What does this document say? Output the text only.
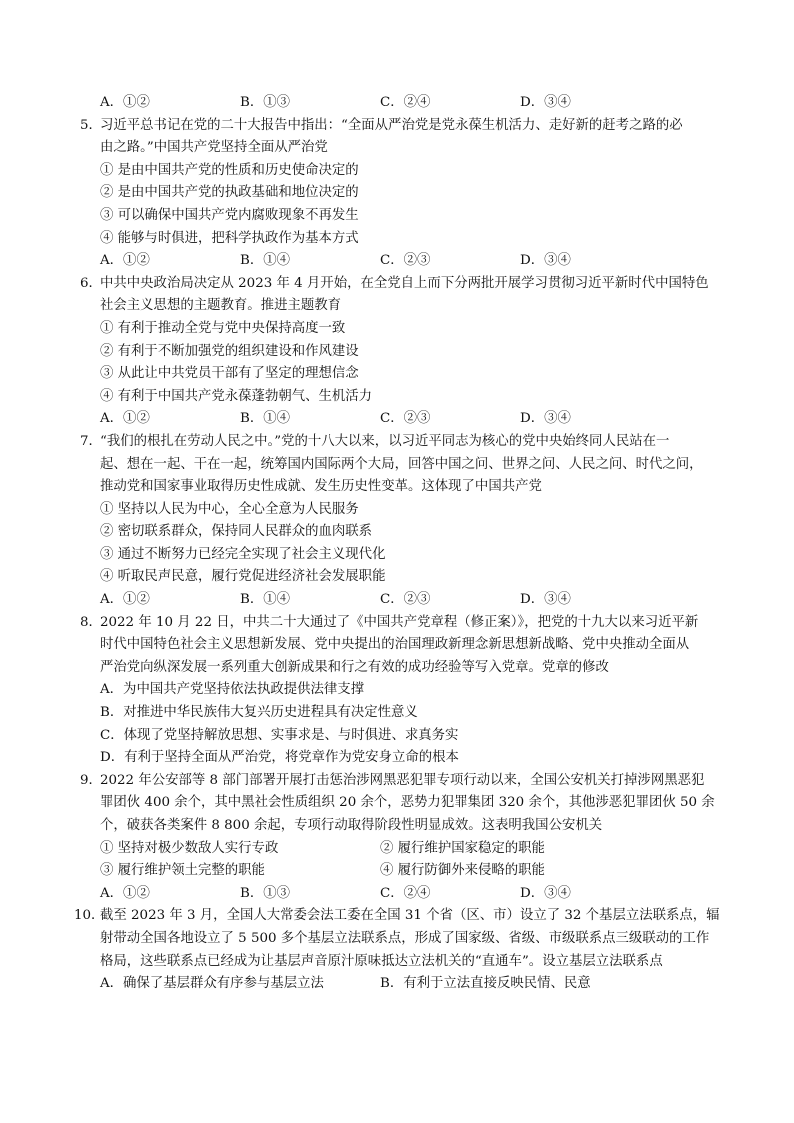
A．①②	B．①③	C．②④	D．③④
5．习近平总书记在党的二十大报告中指出：“全面从严治党是党永葆生机活力、走好新的赶考之路的必
由之路。”中国共产党坚持全面从严治党
① 是由中国共产党的性质和历史使命决定的
② 是由中国共产党的执政基础和地位决定的
③ 可以确保中国共产党内腐败现象不再发生
④ 能够与时俱进，把科学执政作为基本方式
A．①②	B．①④	C．②③	D．③④
6．中共中央政治局决定从 2023 年 4 月开始，在全党自上而下分两批开展学习贯彻习近平新时代中国特色
社会主义思想的主题教育。推进主题教育
① 有利于推动全党与党中央保持高度一致
② 有利于不断加强党的组织建设和作风建设
③ 从此让中共党员干部有了坚定的理想信念
④ 有利于中国共产党永葆蓬勃朝气、生机活力
A．①②	B．①④	C．②③	D．③④
7．“我们的根扎在劳动人民之中。”党的十八大以来，以习近平同志为核心的党中央始终同人民站在一
起、想在一起、干在一起，统筹国内国际两个大局，回答中国之问、世界之问、人民之问、时代之问，
推动党和国家事业取得历史性成就、发生历史性变革。这体现了中国共产党
① 坚持以人民为中心，全心全意为人民服务
② 密切联系群众，保持同人民群众的血肉联系
③ 通过不断努力已经完全实现了社会主义现代化
④ 听取民声民意，履行党促进经济社会发展职能
A．①②	B．①④	C．②③	D．③④
8．2022 年 10 月 22 日，中共二十大通过了《中国共产党章程（修正案）》，把党的十九大以来习近平新
时代中国特色社会主义思想新发展、党中央提出的治国理政新理念新思想新战略、党中央推动全面从
严治党向纵深发展一系列重大创新成果和行之有效的成功经验等写入党章。党章的修改
A．为中国共产党坚持依法执政提供法律支撑
B．对推进中华民族伟大复兴历史进程具有决定性意义
C．体现了党坚持解放思想、实事求是、与时俱进、求真务实
D．有利于坚持全面从严治党，将党章作为党安身立命的根本
9．2022 年公安部等 8 部门部署开展打击惩治涉网黑恶犯罪专项行动以来，全国公安机关打掉涉网黑恶犯
罪团伙 400 余个，其中黑社会性质组织 20 余个，恶势力犯罪集团 320 余个，其他涉恶犯罪团伙 50 余
个，破获各类案件 8 800 余起，专项行动取得阶段性明显成效。这表明我国公安机关
① 坚持对极少数敌人实行专政	② 履行维护国家稳定的职能
③ 履行维护领土完整的职能	④ 履行防御外来侵略的职能
A．①②	B．①③	C．②④	D．③④
10．截至 2023 年 3 月，全国人大常委会法工委在全国 31 个省（区、市）设立了 32 个基层立法联系点，辐
射带动全国各地设立了 5 500 多个基层立法联系点，形成了国家级、省级、市级联系点三级联动的工作
格局，这些联系点已经成为让基层声音原汁原味抵达立法机关的“直通车”。设立基层立法联系点
A．确保了基层群众有序参与基层立法	B．有利于立法直接反映民情、民意
